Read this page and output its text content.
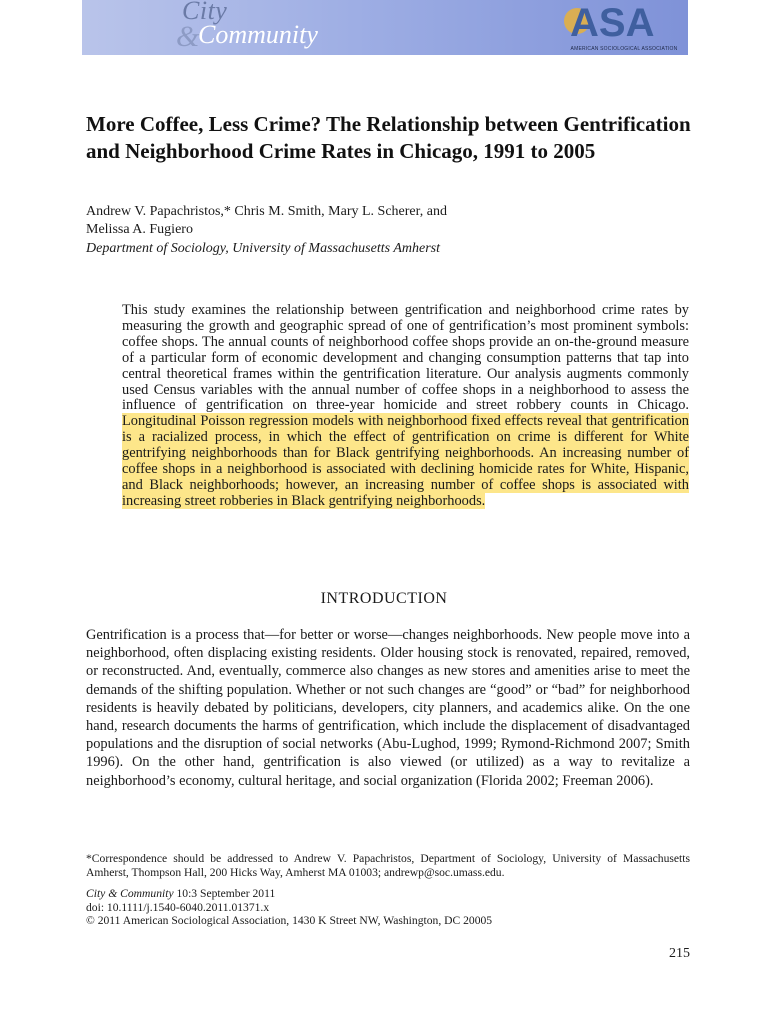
City
&
Community	ASA
AMERICAN SOCIOLOGICAL ASSOCIATION
More Coffee, Less Crime? The Relationship between Gentrification and Neighborhood Crime Rates in Chicago, 1991 to 2005
Andrew V. Papachristos,* Chris M. Smith, Mary L. Scherer, and
Melissa A. Fugiero
Department of Sociology, University of Massachusetts Amherst

This study examines the relationship between gentrification and neighborhood crime rates by measuring the growth and geographic spread of one of gentrification’s most prominent symbols: coffee shops. The annual counts of neighborhood coffee shops provide an on-the-ground measure of a particular form of economic development and changing consumption patterns that tap into central theoretical frames within the gentrification literature. Our analysis augments commonly used Census variables with the annual number of coffee shops in a neighborhood to assess the influence of gentrification on three-year homicide and street robbery counts in Chicago. Longitudinal Poisson regression models with neighborhood fixed effects reveal that gentrification is a racialized process, in which the effect of gentrification on crime is different for White gentrifying neighborhoods than for Black gentrifying neighborhoods. An increasing number of coffee shops in a neighborhood is associated with declining homicide rates for White, Hispanic, and Black neighborhoods; however, an increasing number of coffee shops is associated with increasing street robberies in Black gentrifying neighborhoods.

INTRODUCTION

Gentrification is a process that—for better or worse—changes neighborhoods. New people move into a neighborhood, often displacing existing residents. Older housing stock is renovated, repaired, removed, or reconstructed. And, eventually, commerce also changes as new stores and amenities arise to meet the demands of the shifting population. Whether or not such changes are “good” or “bad” for neighborhood residents is heavily debated by politicians, developers, city planners, and academics alike. On the one hand, research documents the harms of gentrification, which include the displacement of disadvantaged populations and the disruption of social networks (Abu-Lughod, 1999; Rymond-Richmond 2007; Smith 1996). On the other hand, gentrification is also viewed (or utilized) as a way to revitalize a neighborhood’s economy, cultural heritage, and social organization (Florida 2002; Freeman 2006).

*Correspondence should be addressed to Andrew V. Papachristos, Department of Sociology, University of Massachusetts Amherst, Thompson Hall, 200 Hicks Way, Amherst MA 01003; andrewp@soc.umass.edu.

City & Community 10:3 September 2011
doi: 10.1111/j.1540-6040.2011.01371.x
© 2011 American Sociological Association, 1430 K Street NW, Washington, DC 20005
215
